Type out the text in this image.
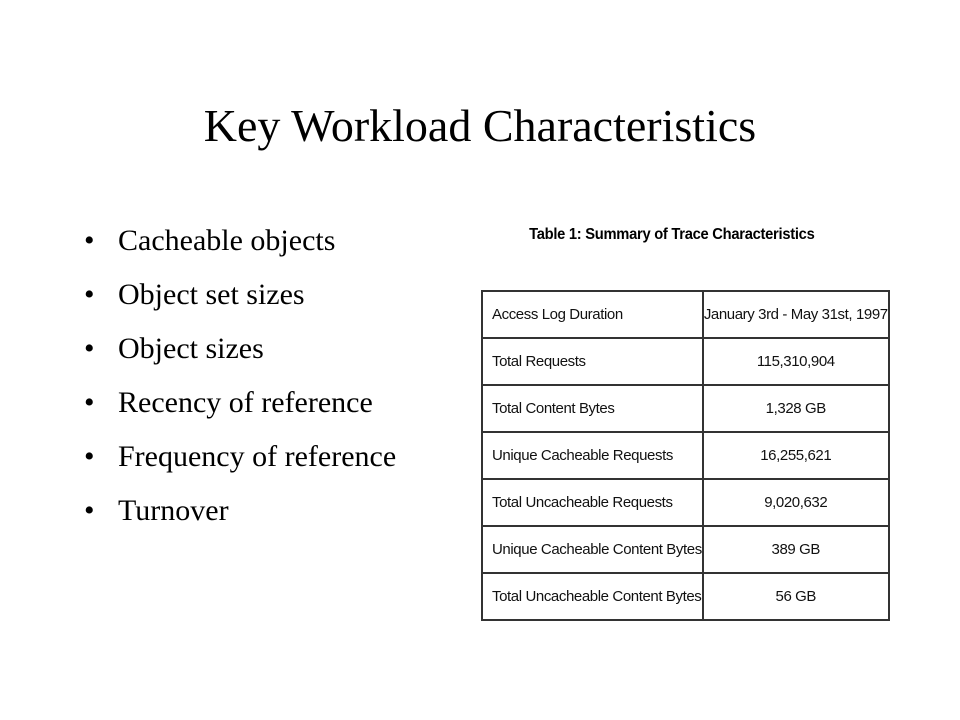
Key Workload Characteristics
• Cacheable objects
• Object set sizes
• Object sizes
• Recency of reference
• Frequency of reference
• Turnover
Table 1: Summary of Trace Characteristics
Access Log Duration	January 3rd - May 31st, 1997
Total Requests	115,310,904
Total Content Bytes	1,328 GB
Unique Cacheable Requests	16,255,621
Total Uncacheable Requests	9,020,632
Unique Cacheable Content Bytes	389 GB
Total Uncacheable Content Bytes	56 GB
